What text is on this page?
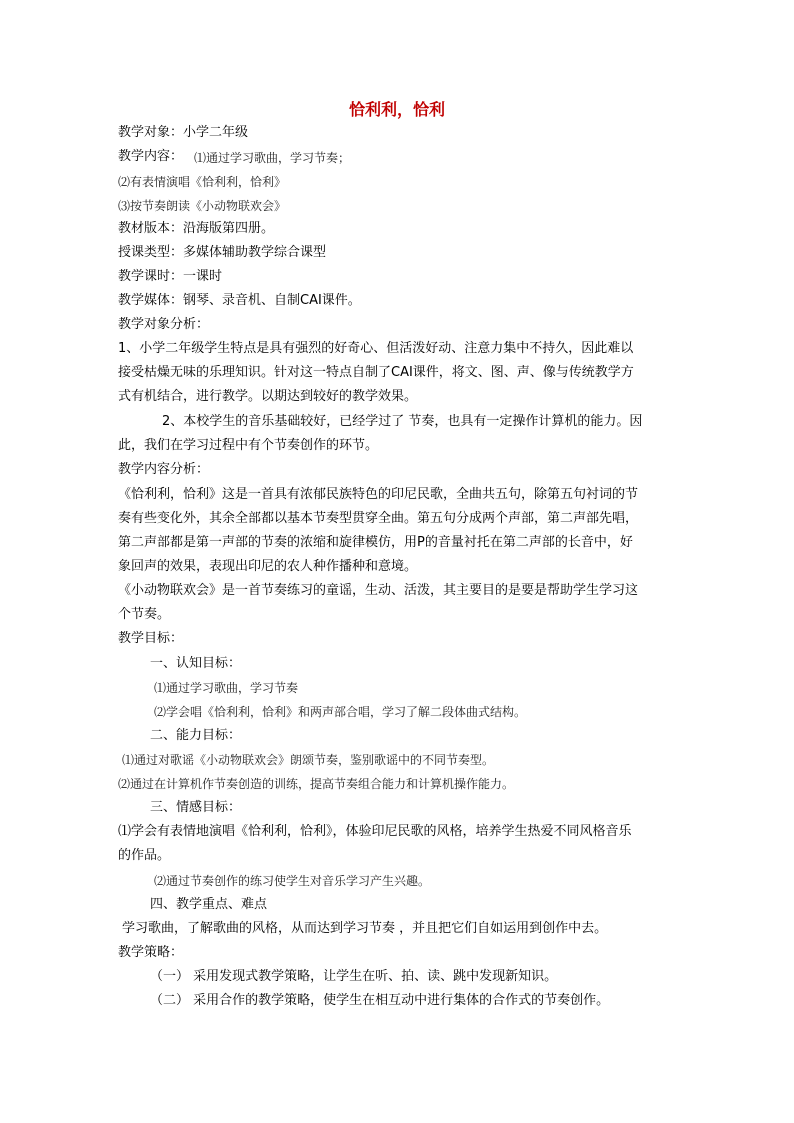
恰利利，恰利
教学对象：小学二年级
教学内容： ⑴通过学习歌曲，学习节奏；
⑵有表情演唱《恰利利，恰利》
⑶按节奏朗读《小动物联欢会》
教材版本：沿海版第四册。
授课类型：多媒体辅助教学综合课型
教学课时：一课时
教学媒体：钢琴、录音机、自制CAI课件。
教学对象分析：
1、小学二年级学生特点是具有强烈的好奇心、但活泼好动、注意力集中不持久，因此难以
接受枯燥无味的乐理知识。针对这一特点自制了CAI课件，将文、图、声、像与传统教学方
式有机结合，进行教学。以期达到较好的教学效果。
2、本校学生的音乐基础较好，已经学过了 节奏，也具有一定操作计算机的能力。因
此，我们在学习过程中有个节奏创作的环节。
教学内容分析：
《恰利利，恰利》这是一首具有浓郁民族特色的印尼民歌，全曲共五句，除第五句衬词的节
奏有些变化外，其余全部都以基本节奏型贯穿全曲。第五句分成两个声部，第二声部先唱，
第二声部都是第一声部的节奏的浓缩和旋律模仿，用P的音量衬托在第二声部的长音中，好
象回声的效果，表现出印尼的农人种作播种和意境。
《小动物联欢会》是一首节奏练习的童谣，生动、活泼，其主要目的是要是帮助学生学习这
个节奏。
教学目标：
一、认知目标：
⑴通过学习歌曲，学习节奏
⑵学会唱《恰利利，恰利》和两声部合唱，学习了解二段体曲式结构。
二、能力目标：
⑴通过对歌谣《小动物联欢会》朗颂节奏，鉴别歌谣中的不同节奏型。
⑵通过在计算机作节奏创造的训练，提高节奏组合能力和计算机操作能力。
三、情感目标：
⑴学会有表情地演唱《恰利利，恰利》，体验印尼民歌的风格，培养学生热爱不同风格音乐
的作品。
⑵通过节奏创作的练习使学生对音乐学习产生兴趣。
四、教学重点、难点
学习歌曲，了解歌曲的风格，从而达到学习节奏 ，并且把它们自如运用到创作中去。
教学策略：
（一） 采用发现式教学策略，让学生在听、拍、读、跳中发现新知识。
（二） 采用合作的教学策略，使学生在相互动中进行集体的合作式的节奏创作。
